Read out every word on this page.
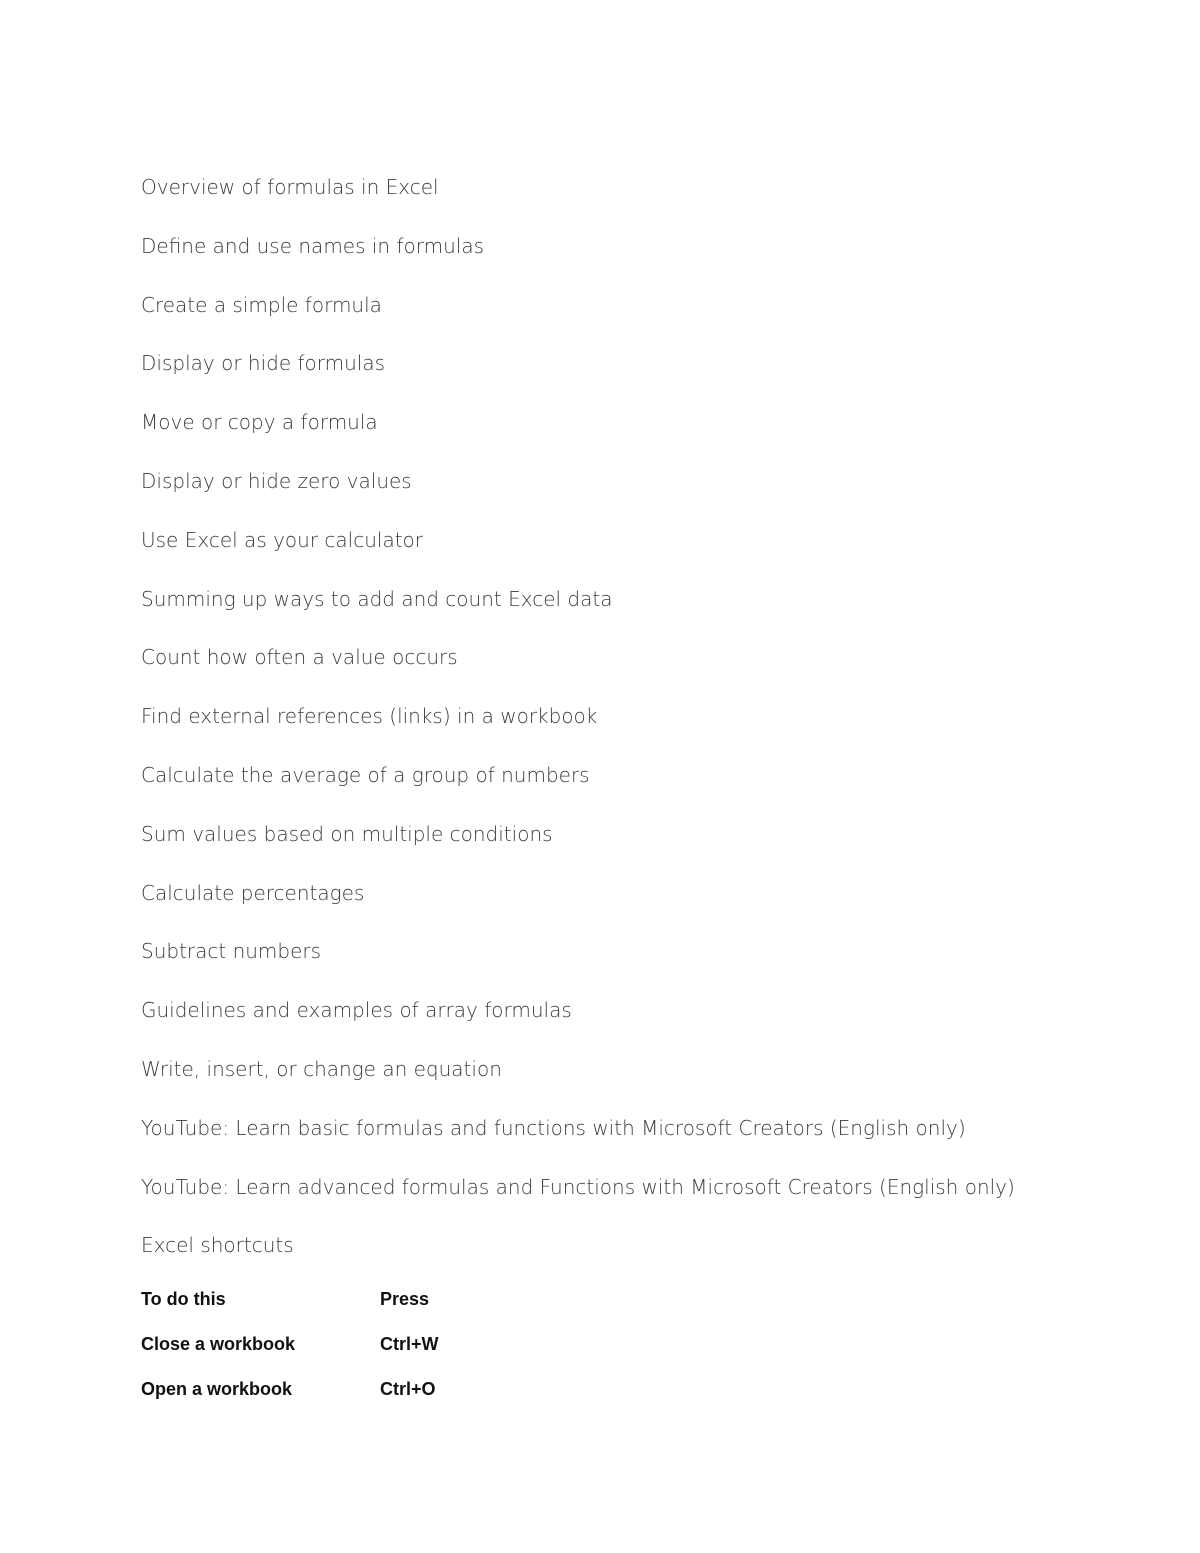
Overview of formulas in Excel
Define and use names in formulas
Create a simple formula
Display or hide formulas
Move or copy a formula
Display or hide zero values
Use Excel as your calculator
Summing up ways to add and count Excel data
Count how often a value occurs
Find external references (links) in a workbook
Calculate the average of a group of numbers
Sum values based on multiple conditions
Calculate percentages
Subtract numbers
Guidelines and examples of array formulas
Write, insert, or change an equation
YouTube: Learn basic formulas and functions with Microsoft Creators (English only)
YouTube: Learn advanced formulas and Functions with Microsoft Creators (English only)
Excel shortcuts
To do this	Press
Close a workbook	Ctrl+W
Open a workbook	Ctrl+O
